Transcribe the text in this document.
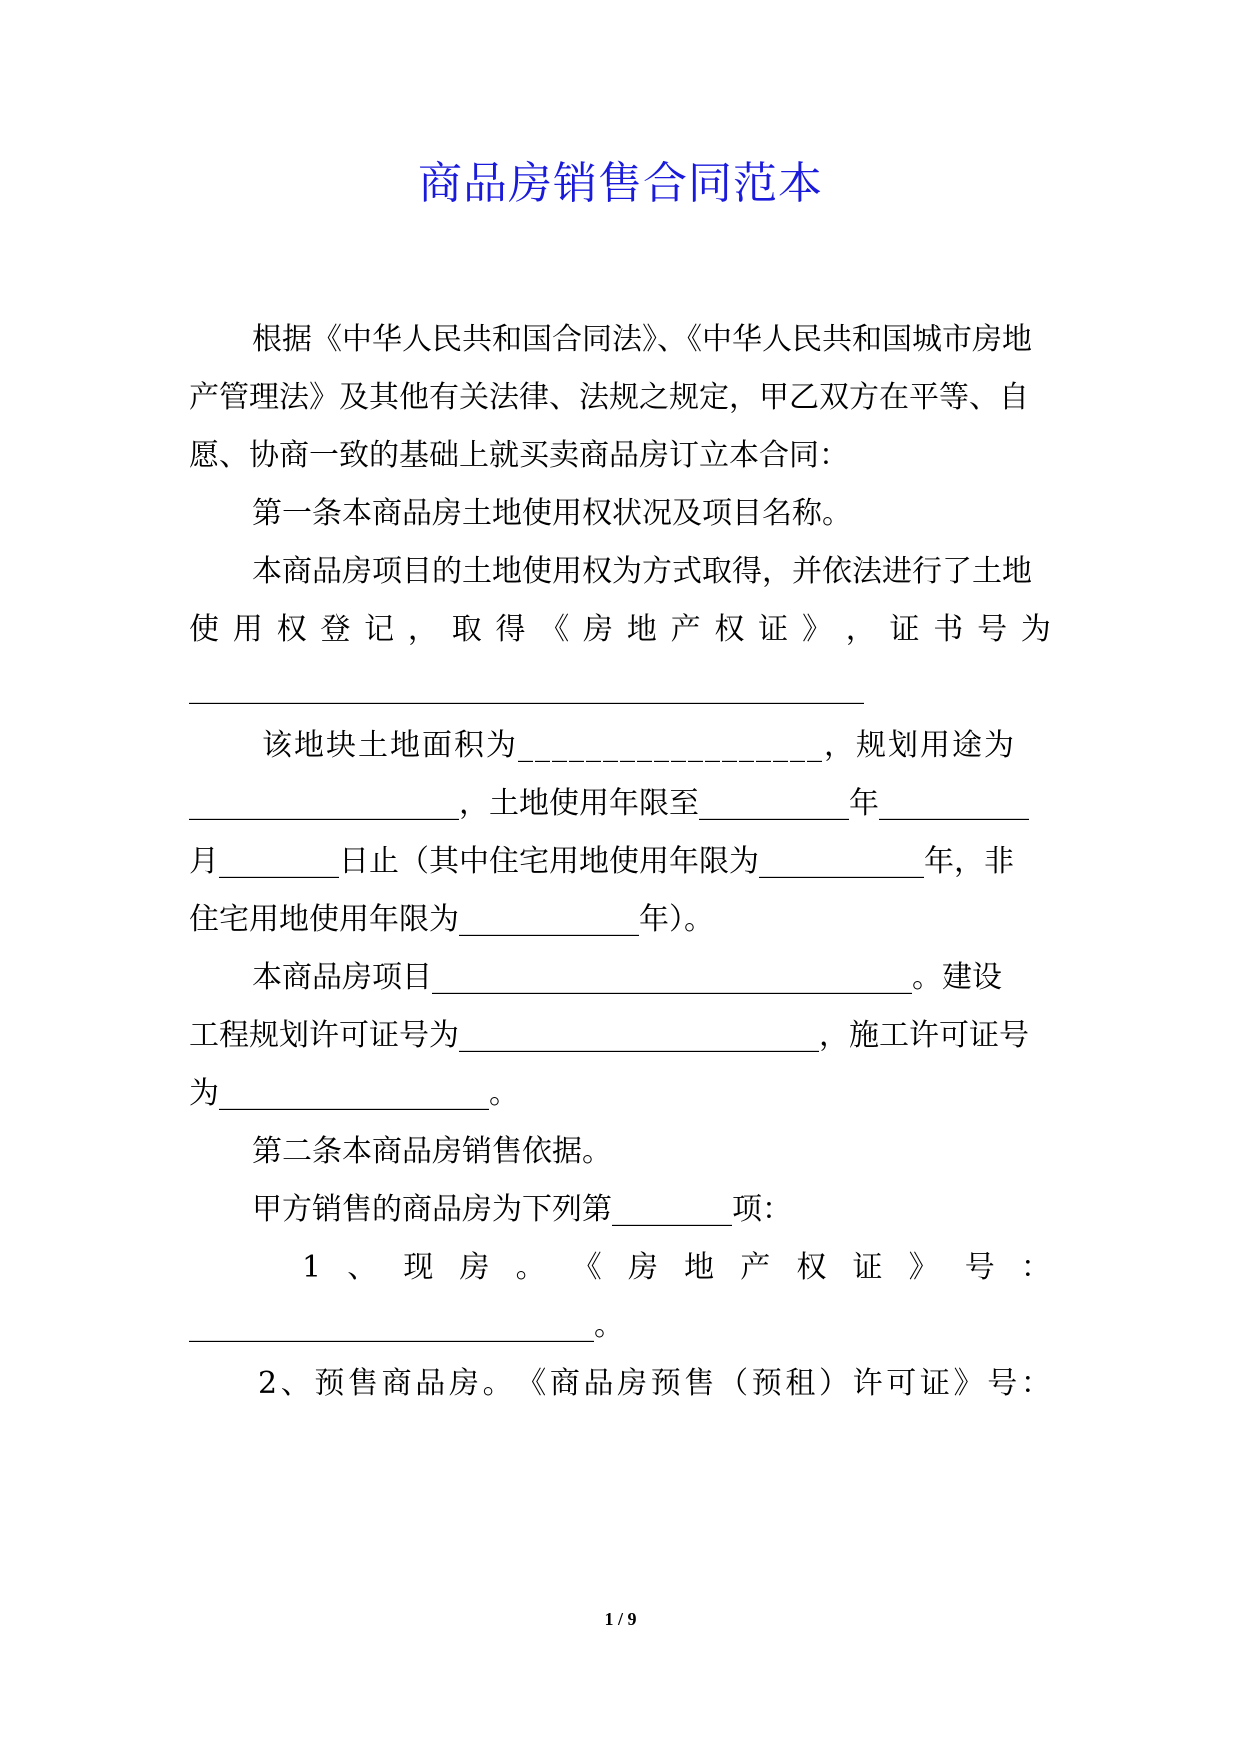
商品房销售合同范本
根据《中华人民共和国合同法》、《中华人民共和国城市房地
产管理法》及其他有关法律、法规之规定，甲乙双方在平等、自
愿、协商一致的基础上就买卖商品房订立本合同：
第一条本商品房土地使用权状况及项目名称。
本商品房项目的土地使用权为方式取得，并依法进行了土地
使 用 权 登 记 ， 取 得 《 房 地 产 权 证 》 ， 证 书 号 为
_____________________________________________
该地块土地面积为__________________，规划用途为
__________________，土地使用年限至__________年__________
月________日止（其中住宅用地使用年限为___________年，非
住宅用地使用年限为____________年）。
本商品房项目________________________________。建设
工程规划许可证号为________________________，施工许可证号
为__________________。
第二条本商品房销售依据。
甲方销售的商品房为下列第________项：
1 、 现 房 。 《 房 地 产 权 证 》 号 ：
___________________________。
2 、 预 售 商 品 房 。 《 商 品 房 预 售 （ 预 租 ） 许 可 证 》 号 ：
1 / 9
